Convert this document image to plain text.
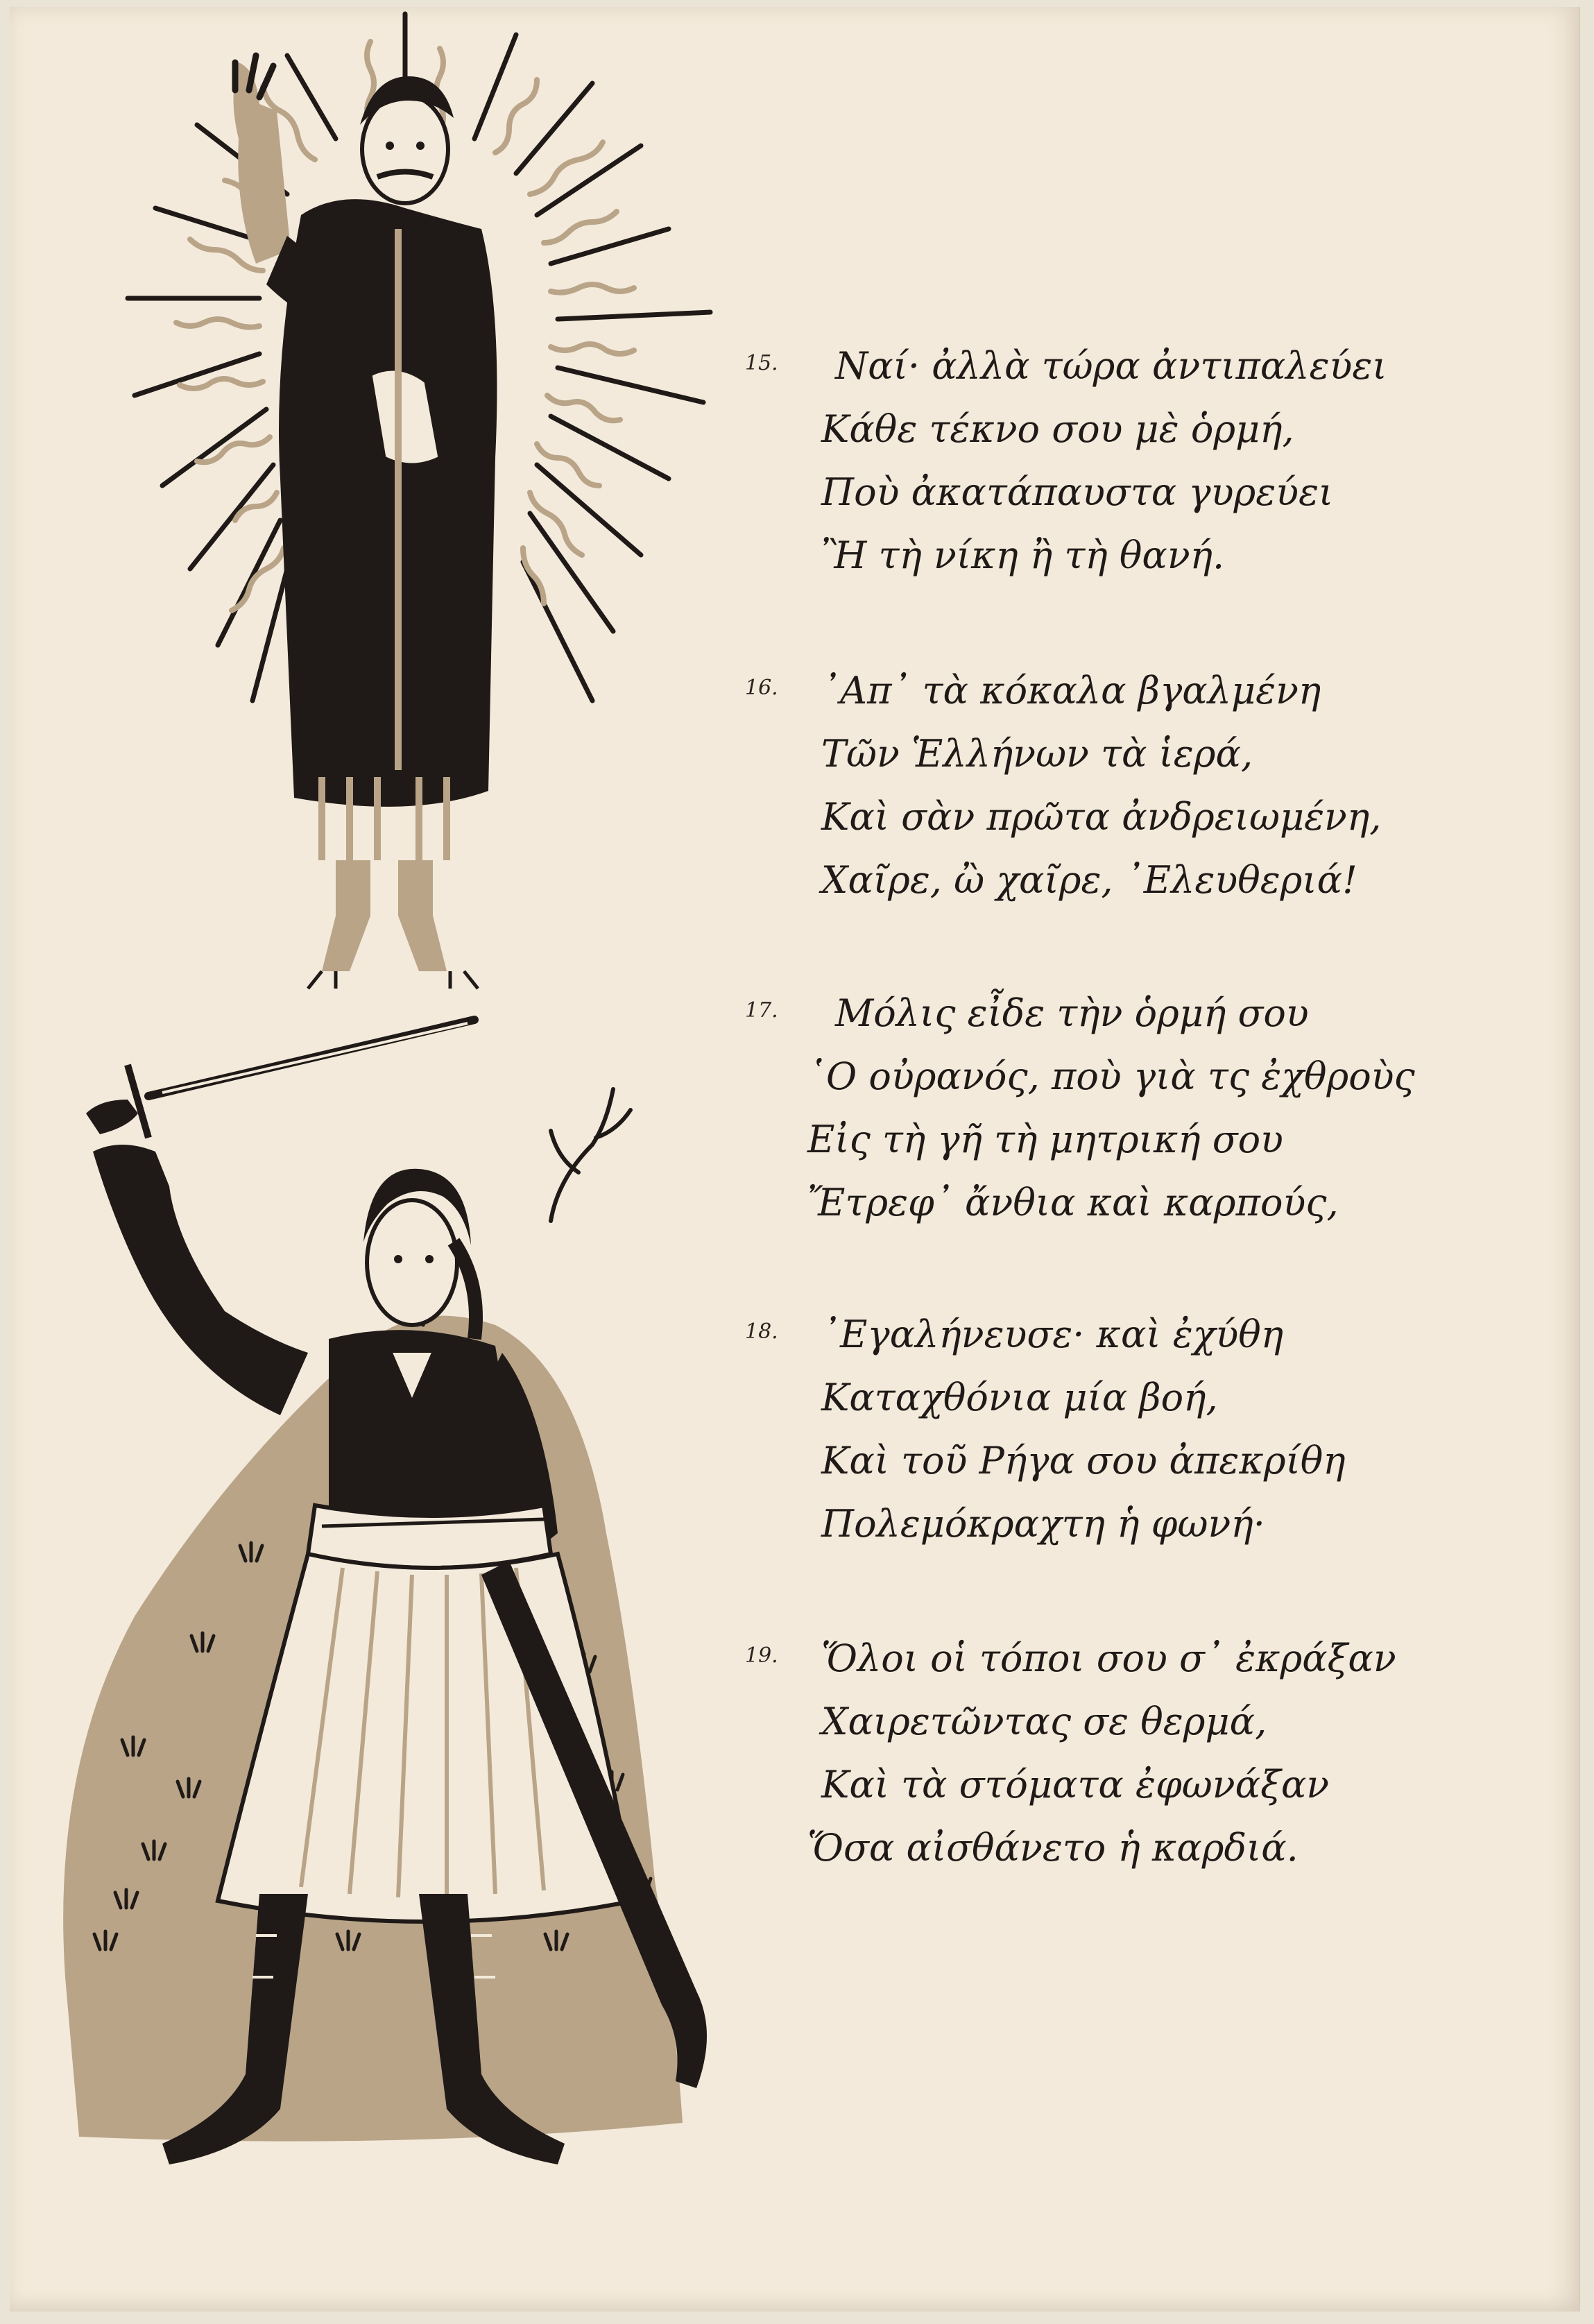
15. Ναί· ἀλλὰ τώρα ἀντιπαλεύει
Κάθε τέκνο σου μὲ ὁρμή,
Ποὺ ἀκατάπαυστα γυρεύει
Ἢ τὴ νίκη ἢ τὴ θανή.
16. ᾿Απ᾿ τὰ κόκαλα βγαλμένη
Τῶν Ἑλλήνων τὰ ἱερά,
Καὶ σὰν πρῶτα ἀνδρειωμένη,
Χαῖρε, ὢ χαῖρε, ᾿Ελευθεριά!
17. Μόλις εἶδε τὴν ὁρμή σου
῾Ο οὐρανός, ποὺ γιὰ τς ἐχθροὺς
Εἰς τὴ γῆ τὴ μητρική σου
Ἔτρεφ᾿ ἄνθια καὶ καρπούς,
18. ᾿Εγαλήνευσε· καὶ ἐχύθη
Καταχθόνια μία βοή,
Καὶ τοῦ Ρήγα σου ἀπεκρίθη
Πολεμόκραχτη ἡ φωνή·
19. Ὅλοι οἱ τόποι σου σ᾿ ἐκράξαν
Χαιρετῶντας σε θερμά,
Καὶ τὰ στόματα ἐφωνάξαν
Ὅσα αἰσθάνετο ἡ καρδιά.
